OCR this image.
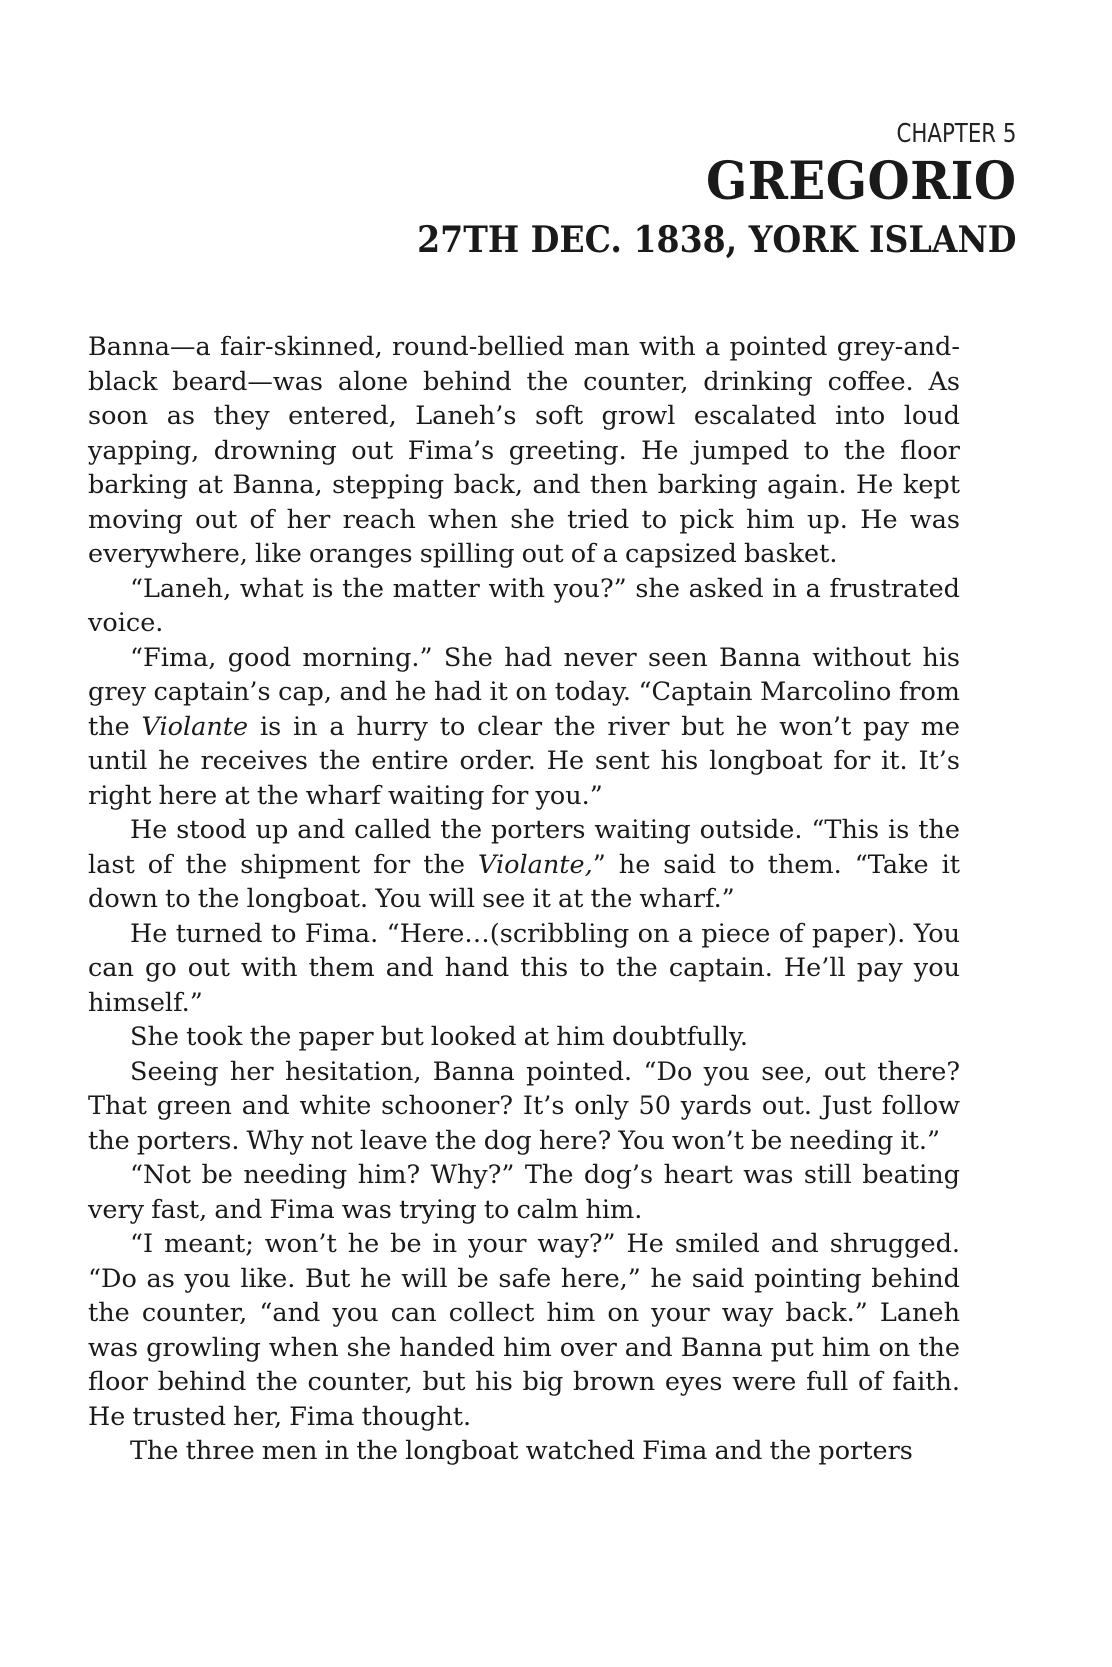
CHAPTER 5
GREGORIO
27TH DEC. 1838, YORK ISLAND

Banna—a fair-skinned, round-bellied man with a pointed grey-and-black beard—was alone behind the counter, drinking coffee. As soon as they entered, Laneh’s soft growl escalated into loud yapping, drowning out Fima’s greeting. He jumped to the floor barking at Banna, stepping back, and then barking again. He kept moving out of her reach when she tried to pick him up. He was everywhere, like oranges spilling out of a capsized basket.

“Laneh, what is the matter with you?” she asked in a frustrated voice.

“Fima, good morning.” She had never seen Banna without his grey captain’s cap, and he had it on today. “Captain Marcolino from the Violante is in a hurry to clear the river but he won’t pay me until he receives the entire order. He sent his longboat for it. It’s right here at the wharf waiting for you.”

He stood up and called the porters waiting outside. “This is the last of the shipment for the Violante,” he said to them. “Take it down to the longboat. You will see it at the wharf.”

He turned to Fima. “Here…(scribbling on a piece of paper). You can go out with them and hand this to the captain. He’ll pay you himself.”

She took the paper but looked at him doubtfully.

Seeing her hesitation, Banna pointed. “Do you see, out there? That green and white schooner? It’s only 50 yards out. Just follow the porters. Why not leave the dog here? You won’t be needing it.”

“Not be needing him? Why?” The dog’s heart was still beating very fast, and Fima was trying to calm him.

“I meant; won’t he be in your way?” He smiled and shrugged. “Do as you like. But he will be safe here,” he said pointing behind the counter, “and you can collect him on your way back.” Laneh was growling when she handed him over and Banna put him on the floor behind the counter, but his big brown eyes were full of faith. He trusted her, Fima thought.

The three men in the longboat watched Fima and the porters
